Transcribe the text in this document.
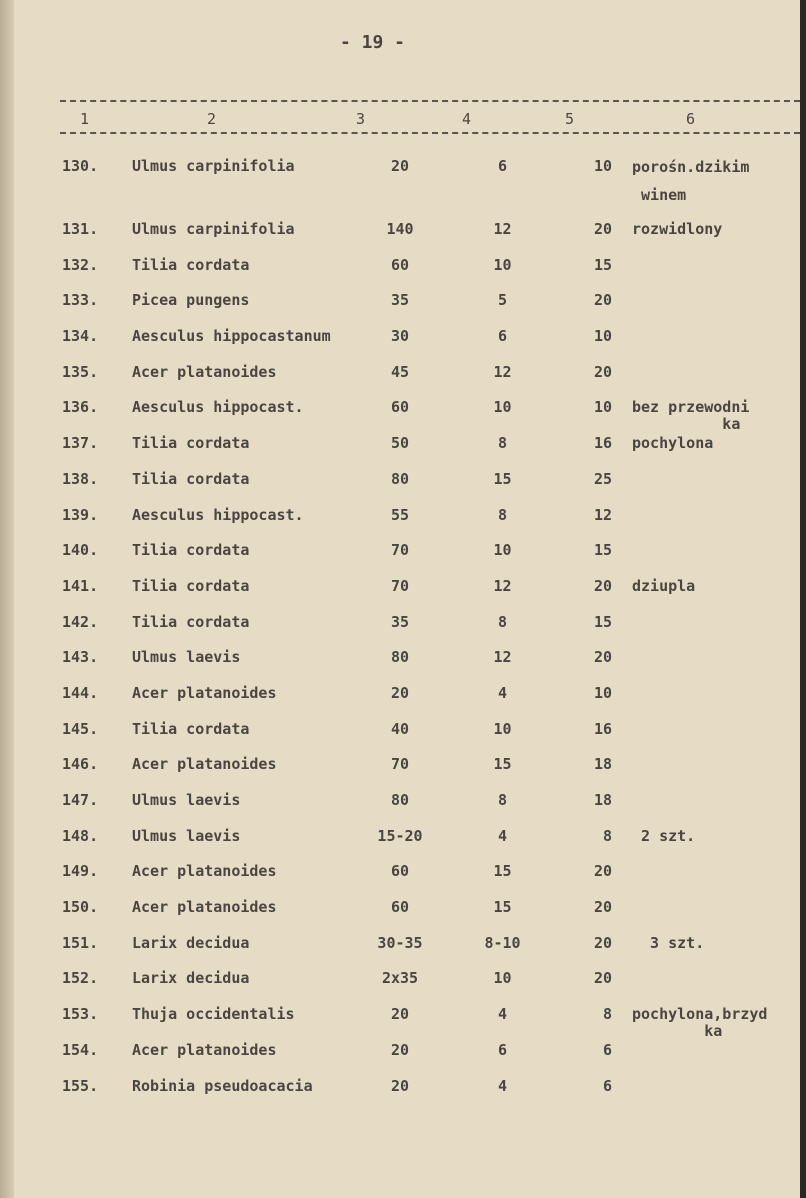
- 19 -
1	2	3	4	5	6
130. Ulmus carpinifolia	20	6	10 porośn.dzikim
winem
131. Ulmus carpinifolia	140	12	20 rozwidlony
132. Tilia cordata	60	10	15
133. Picea pungens	35	5	20
134. Aesculus hippocastanum	30	6	10
135. Acer platanoides	45	12	20
136. Aesculus hippocast.	60	10	10 bez przewodni
ka
137. Tilia cordata	50	8	16 pochylona
138. Tilia cordata	80	15	25
139. Aesculus hippocast.	55	8	12
140. Tilia cordata	70	10	15
141. Tilia cordata	70	12	20 dziupla
142. Tilia cordata	35	8	15
143. Ulmus laevis	80	12	20
144. Acer platanoides	20	4	10
145. Tilia cordata	40	10	16
146. Acer platanoides	70	15	18
147. Ulmus laevis	80	8	18
148. Ulmus laevis	15-20	4	8 2 szt.
149. Acer platanoides	60	15	20
150. Acer platanoides	60	15	20
151. Larix decidua	30-35	8-10	20 3 szt.
152. Larix decidua	2x35	10	20
153. Thuja occidentalis	20	4	8 pochylona,brzyd
ka
154. Acer platanoides	20	6	6
155. Robinia pseudoacacia	20	4	6
